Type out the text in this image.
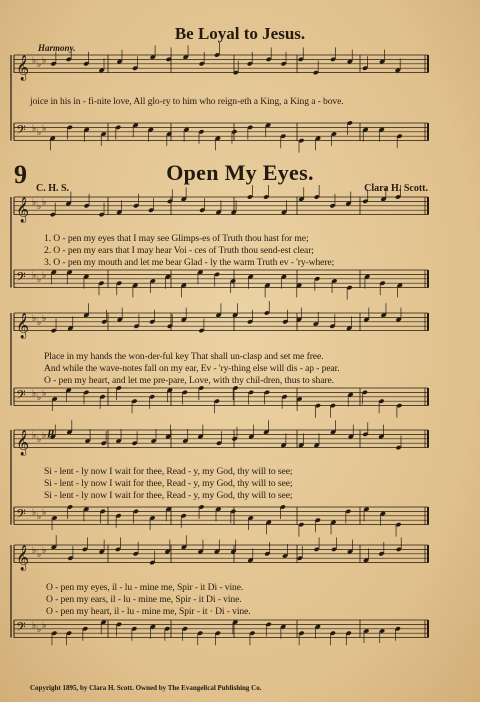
𝄞 ♭ ♭ ♭
𝄢 ♭ ♭ ♭
𝄞 ♭ ♭ ♭
𝄢 ♭ ♭ ♭
𝄞 ♭ ♭ ♭
𝄢 ♭ ♭ ♭
𝄞 ♭ ♭ ♭
𝄢 ♭ ♭ ♭
𝄞 ♭ ♭ ♭
𝄢 ♭ ♭ ♭
Be Loyal to Jesus.
Harmony.
joice in his in - fi-nite love, All glo-ry to him who reign-eth a King, a King a - bove.
9	Open My Eyes.
C. H. S.	Clara H. Scott.
1. O - pen my eyes that I may see Glimps-es of Truth thou hast for me;
2. O - pen my ears that I may hear Voi - ces of Truth thou send-est clear;
3. O - pen my mouth and let me bear Glad - ly the warm Truth ev - 'ry-where;
Place in my hands the won-der-ful key That shall un-clasp and set me free.
And while the wave-notes fall on my ear, Ev - 'ry-thing else will dis - ap - pear.
O - pen my heart, and let me pre-pare, Love, with thy chil-dren, thus to share.
p
Si - lent - ly now I wait for thee, Read - y, my God, thy will to see;
Si - lent - ly now I wait for thee, Read - y, my God, thy will to see;
Si - lent - ly now I wait for thee, Read - y, my God, thy will to see;
O - pen my eyes, il - lu - mine me, Spir - it Di - vine.
O - pen my ears, il - lu - mine me, Spir - it Di - vine.
O - pen my heart, il - lu - mine me, Spir - it · Di - vine.
Copyright 1895, by Clara H. Scott. Owned by The Evangelical Publishing Co.
